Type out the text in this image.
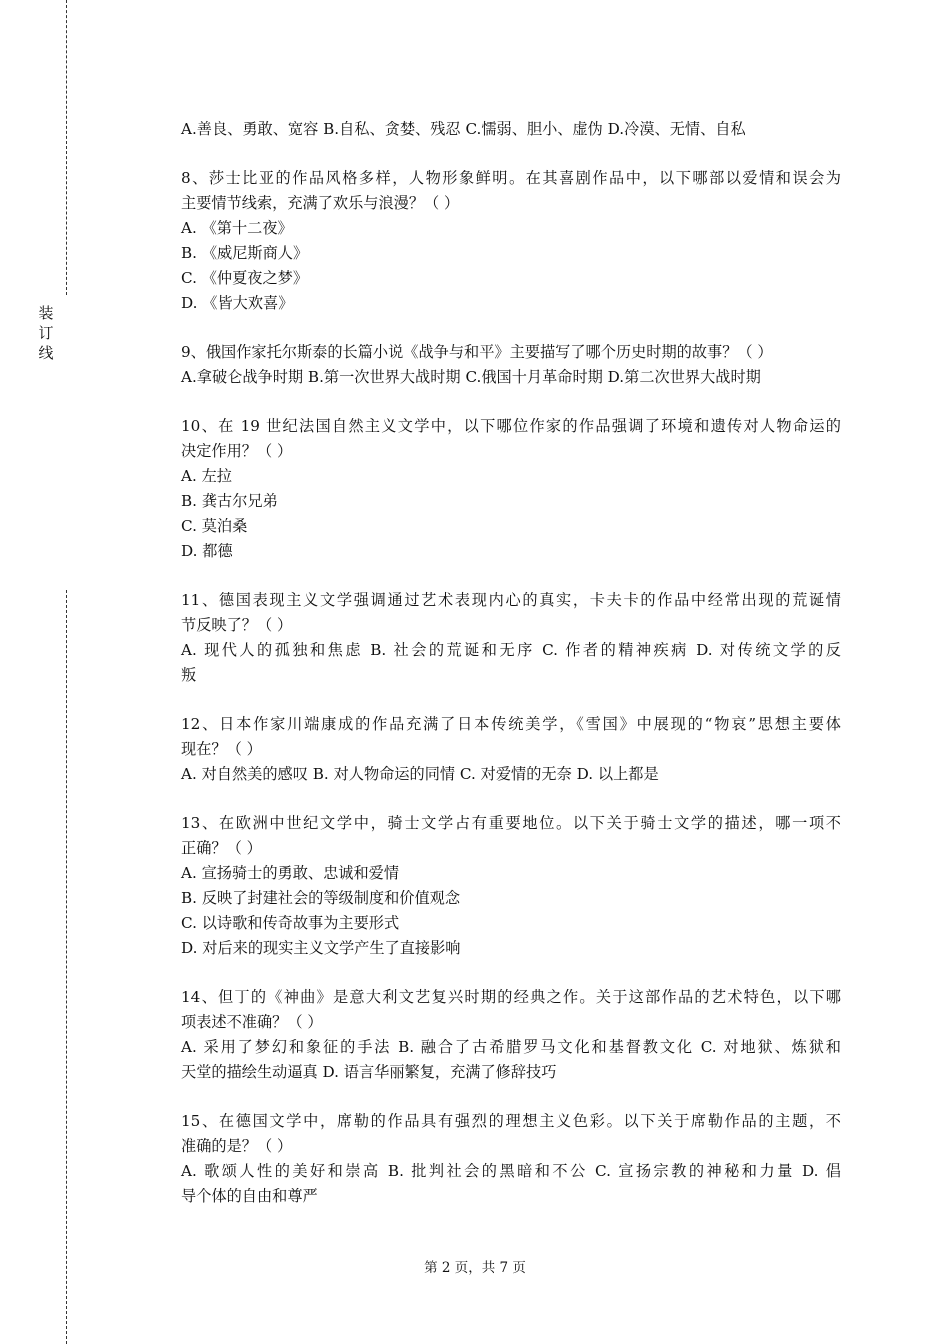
装
订
线
A.善良、勇敢、宽容 B.自私、贪婪、残忍 C.懦弱、胆小、虚伪 D.冷漠、无情、自私
8、莎士比亚的作品风格多样，人物形象鲜明。在其喜剧作品中，以下哪部以爱情和误会为
主要情节线索，充满了欢乐与浪漫？（ ）
A. 《第十二夜》
B. 《威尼斯商人》
C. 《仲夏夜之梦》
D. 《皆大欢喜》
9、俄国作家托尔斯泰的长篇小说《战争与和平》主要描写了哪个历史时期的故事？（ ）
A.拿破仑战争时期 B.第一次世界大战时期 C.俄国十月革命时期 D.第二次世界大战时期
10、在 19 世纪法国自然主义文学中，以下哪位作家的作品强调了环境和遗传对人物命运的
决定作用？（ ）
A. 左拉
B. 龚古尔兄弟
C. 莫泊桑
D. 都德
11、德国表现主义文学强调通过艺术表现内心的真实，卡夫卡的作品中经常出现的荒诞情
节反映了？（ ）
A. 现代人的孤独和焦虑 B. 社会的荒诞和无序 C. 作者的精神疾病 D. 对传统文学的反
叛
12、日本作家川端康成的作品充满了日本传统美学，《雪国》中展现的“物哀”思想主要体
现在？（ ）
A. 对自然美的感叹 B. 对人物命运的同情 C. 对爱情的无奈 D. 以上都是
13、在欧洲中世纪文学中，骑士文学占有重要地位。以下关于骑士文学的描述，哪一项不
正确？（ ）
A. 宣扬骑士的勇敢、忠诚和爱情
B. 反映了封建社会的等级制度和价值观念
C. 以诗歌和传奇故事为主要形式
D. 对后来的现实主义文学产生了直接影响
14、但丁的《神曲》是意大利文艺复兴时期的经典之作。关于这部作品的艺术特色，以下哪
项表述不准确？（ ）
A. 采用了梦幻和象征的手法 B. 融合了古希腊罗马文化和基督教文化 C. 对地狱、炼狱和
天堂的描绘生动逼真 D. 语言华丽繁复，充满了修辞技巧
15、在德国文学中，席勒的作品具有强烈的理想主义色彩。以下关于席勒作品的主题，不
准确的是？（ ）
A. 歌颂人性的美好和崇高 B. 批判社会的黑暗和不公 C. 宣扬宗教的神秘和力量 D. 倡
导个体的自由和尊严
第 2 页，共 7 页
